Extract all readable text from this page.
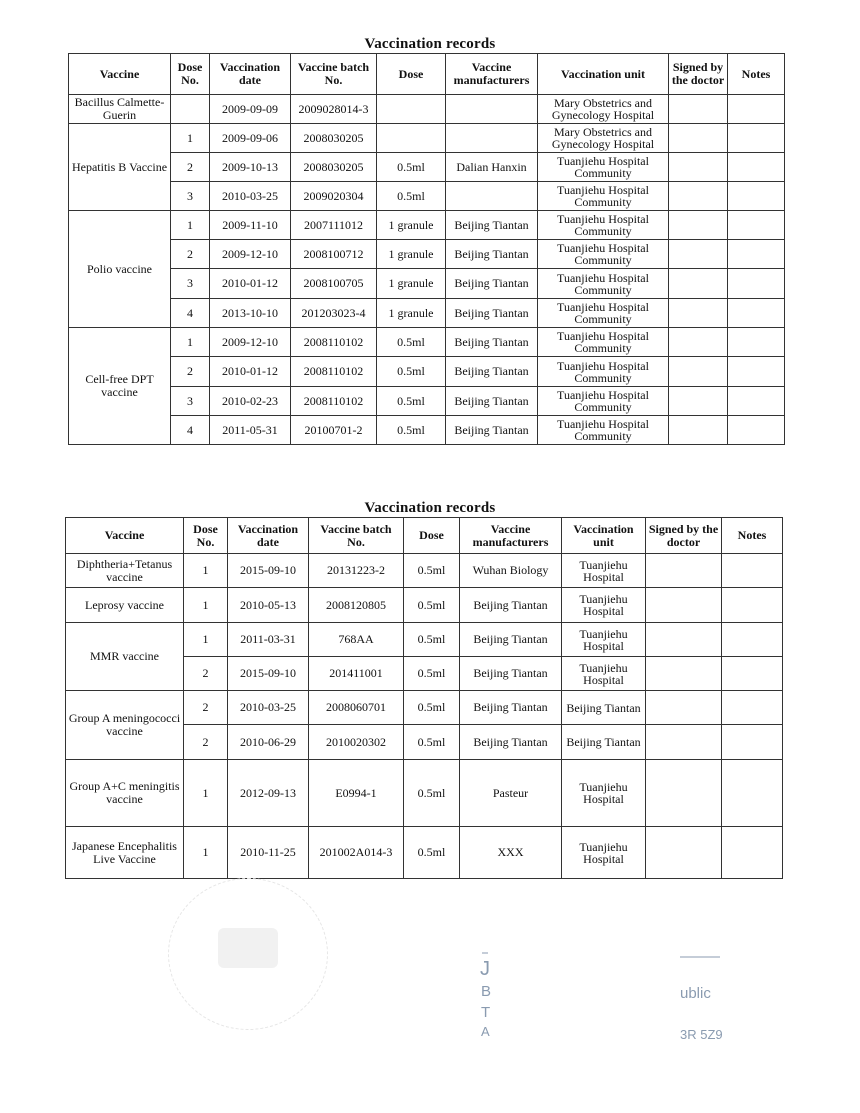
Vaccination records
Vaccine	Dose No.	Vaccination date	Vaccine batch No.	Dose	Vaccine manufacturers	Vaccination unit	Signed by the doctor	Notes
Bacillus Calmette-Guerin		2009-09-09	2009028014-3			Mary Obstetrics and Gynecology Hospital		
Hepatitis B Vaccine	1	2009-09-06	2008030205			Mary Obstetrics and Gynecology Hospital		
	2	2009-10-13	2008030205	0.5ml	Dalian Hanxin	Tuanjiehu Hospital Community		
	3	2010-03-25	2009020304	0.5ml		Tuanjiehu Hospital Community		
Polio vaccine	1	2009-11-10	2007111012	1 granule	Beijing Tiantan	Tuanjiehu Hospital Community		
	2	2009-12-10	2008100712	1 granule	Beijing Tiantan	Tuanjiehu Hospital Community		
	3	2010-01-12	2008100705	1 granule	Beijing Tiantan	Tuanjiehu Hospital Community		
	4	2013-10-10	201203023-4	1 granule	Beijing Tiantan	Tuanjiehu Hospital Community		
Cell-free DPT vaccine	1	2009-12-10	2008110102	0.5ml	Beijing Tiantan	Tuanjiehu Hospital Community		
	2	2010-01-12	2008110102	0.5ml	Beijing Tiantan	Tuanjiehu Hospital Community		
	3	2010-02-23	2008110102	0.5ml	Beijing Tiantan	Tuanjiehu Hospital Community		
	4	2011-05-31	20100701-2	0.5ml	Beijing Tiantan	Tuanjiehu Hospital Community		
Vaccination records
Vaccine	Dose No.	Vaccination date	Vaccine batch No.	Dose	Vaccine manufacturers	Vaccination unit	Signed by the doctor	Notes
Diphtheria+Tetanus vaccine	1	2015-09-10	20131223-2	0.5ml	Wuhan Biology	Tuanjiehu Hospital		
Leprosy vaccine	1	2010-05-13	2008120805	0.5ml	Beijing Tiantan	Tuanjiehu Hospital		
MMR vaccine	1	2011-03-31	768AA	0.5ml	Beijing Tiantan	Tuanjiehu Hospital		
	2	2015-09-10	201411001	0.5ml	Beijing Tiantan	Tuanjiehu Hospital		
Group A meningococci vaccine	2	2010-03-25	2008060701	0.5ml	Beijing Tiantan	Beijing Tiantan		
	2	2010-06-29	2010020302	0.5ml	Beijing Tiantan	Beijing Tiantan		
Group A+C meningitis vaccine	1	2012-09-13	E0994-1	0.5ml	Pasteur	Tuanjiehu Hospital		
Japanese Encephalitis Live Vaccine	1	2010-11-25	201002A014-3	0.5ml	XXX	Tuanjiehu Hospital		
J
B
T
A
ublic
3R 5Z9
